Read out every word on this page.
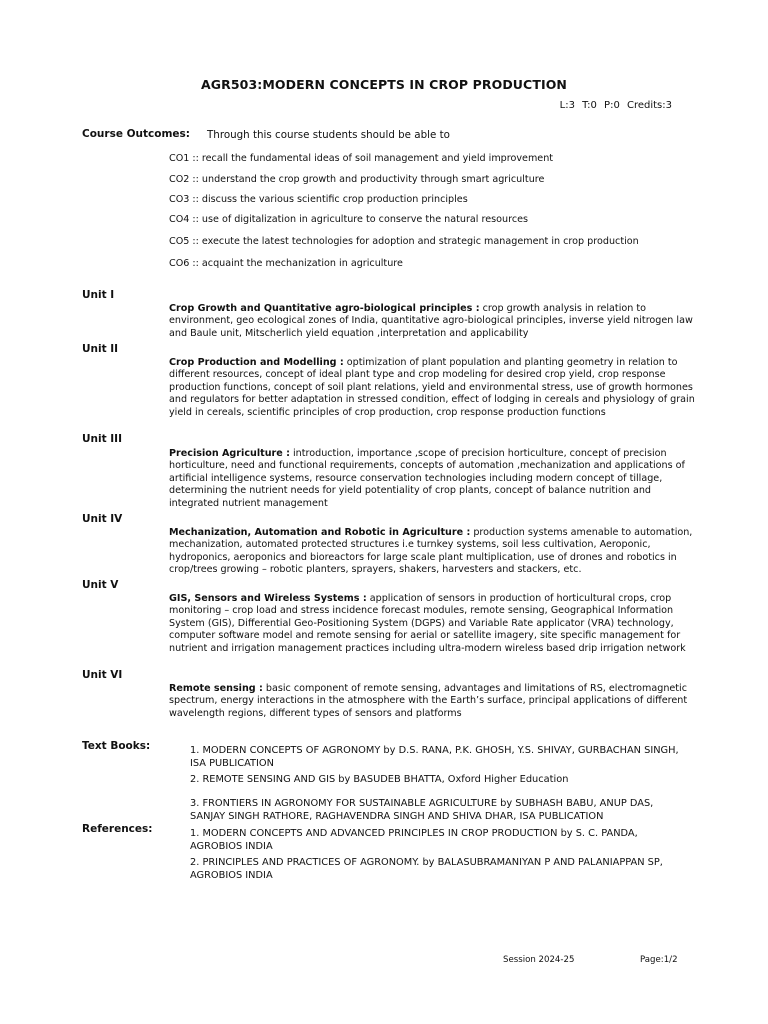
AGR503:MODERN CONCEPTS IN CROP PRODUCTION
L:3 T:0 P:0 Credits:3
Course Outcomes: Through this course students should be able to
CO1 :: recall the fundamental ideas of soil management and yield improvement
CO2 :: understand the crop growth and productivity through smart agriculture
CO3 :: discuss the various scientific crop production principles
CO4 :: use of digitalization in agriculture to conserve the natural resources
CO5 :: execute the latest technologies for adoption and strategic management in crop production
CO6 :: acquaint the mechanization in agriculture
Unit I
Crop Growth and Quantitative agro-biological principles : crop growth analysis in relation to environment, geo ecological zones of India, quantitative agro-biological principles, inverse yield nitrogen law and Baule unit, Mitscherlich yield equation ,interpretation and applicability
Unit II
Crop Production and Modelling : optimization of plant population and planting geometry in relation to different resources, concept of ideal plant type and crop modeling for desired crop yield, crop response production functions, concept of soil plant relations, yield and environmental stress, use of growth hormones and regulators for better adaptation in stressed condition, effect of lodging in cereals and physiology of grain yield in cereals, scientific principles of crop production, crop response production functions
Unit III
Precision Agriculture : introduction, importance ,scope of precision horticulture, concept of precision horticulture, need and functional requirements, concepts of automation ,mechanization and applications of artificial intelligence systems, resource conservation technologies including modern concept of tillage, determining the nutrient needs for yield potentiality of crop plants, concept of balance nutrition and integrated nutrient management
Unit IV
Mechanization, Automation and Robotic in Agriculture : production systems amenable to automation, mechanization, automated protected structures i.e turnkey systems, soil less cultivation, Aeroponic, hydroponics, aeroponics and bioreactors for large scale plant multiplication, use of drones and robotics in crop/trees growing – robotic planters, sprayers, shakers, harvesters and stackers, etc.
Unit V
GIS, Sensors and Wireless Systems : application of sensors in production of horticultural crops, crop monitoring – crop load and stress incidence forecast modules, remote sensing, Geographical Information System (GIS), Differential Geo-Positioning System (DGPS) and Variable Rate applicator (VRA) technology, computer software model and remote sensing for aerial or satellite imagery, site specific management for nutrient and irrigation management practices including ultra-modern wireless based drip irrigation network
Unit VI
Remote sensing : basic component of remote sensing, advantages and limitations of RS, electromagnetic spectrum, energy interactions in the atmosphere with the Earth’s surface, principal applications of different wavelength regions, different types of sensors and platforms
Text Books:	1. MODERN CONCEPTS OF AGRONOMY by D.S. RANA, P.K. GHOSH, Y.S. SHIVAY, GURBACHAN SINGH, ISA PUBLICATION
2. REMOTE SENSING AND GIS by BASUDEB BHATTA, Oxford Higher Education
3. FRONTIERS IN AGRONOMY FOR SUSTAINABLE AGRICULTURE by SUBHASH BABU, ANUP DAS, SANJAY SINGH RATHORE, RAGHAVENDRA SINGH AND SHIVA DHAR, ISA PUBLICATION
References:	1. MODERN CONCEPTS AND ADVANCED PRINCIPLES IN CROP PRODUCTION by S. C. PANDA, AGROBIOS INDIA
2. PRINCIPLES AND PRACTICES OF AGRONOMY. by BALASUBRAMANIYAN P AND PALANIAPPAN SP, AGROBIOS INDIA
Session 2024-25	Page:1/2
